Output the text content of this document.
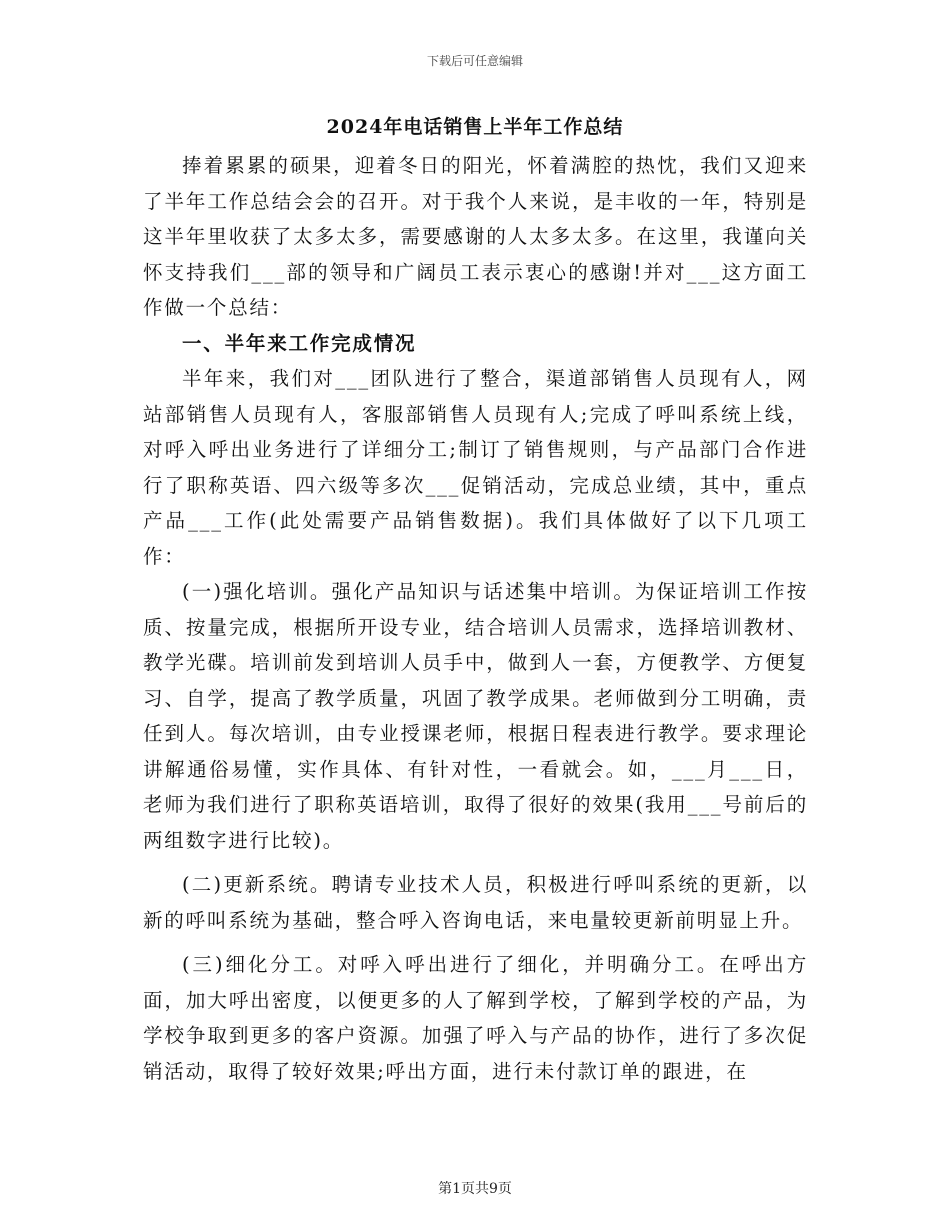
下载后可任意编辑
2024年电话销售上半年工作总结

捧着累累的硕果，迎着冬日的阳光，怀着满腔的热忱，我们又迎来了半年工作总结会会的召开。对于我个人来说，是丰收的一年，特别是这半年里收获了太多太多，需要感谢的人太多太多。在这里，我谨向关怀支持我们___部的领导和广阔员工表示衷心的感谢!并对___这方面工作做一个总结：

一、半年来工作完成情况

半年来，我们对___团队进行了整合，渠道部销售人员现有人，网站部销售人员现有人，客服部销售人员现有人;完成了呼叫系统上线，对呼入呼出业务进行了详细分工;制订了销售规则，与产品部门合作进行了职称英语、四六级等多次___促销活动，完成总业绩，其中，重点产品___工作(此处需要产品销售数据)。我们具体做好了以下几项工作：

(一)强化培训。强化产品知识与话述集中培训。为保证培训工作按质、按量完成，根据所开设专业，结合培训人员需求，选择培训教材、教学光碟。培训前发到培训人员手中，做到人一套，方便教学、方便复习、自学，提高了教学质量，巩固了教学成果。老师做到分工明确，责任到人。每次培训，由专业授课老师，根据日程表进行教学。要求理论讲解通俗易懂，实作具体、有针对性，一看就会。如，___月___日，老师为我们进行了职称英语培训，取得了很好的效果(我用___号前后的两组数字进行比较)。

(二)更新系统。聘请专业技术人员，积极进行呼叫系统的更新，以新的呼叫系统为基础，整合呼入咨询电话，来电量较更新前明显上升。

(三)细化分工。对呼入呼出进行了细化，并明确分工。在呼出方面，加大呼出密度，以便更多的人了解到学校，了解到学校的产品，为学校争取到更多的客户资源。加强了呼入与产品的协作，进行了多次促销活动，取得了较好效果;呼出方面，进行未付款订单的跟进，在

第1页共9页
